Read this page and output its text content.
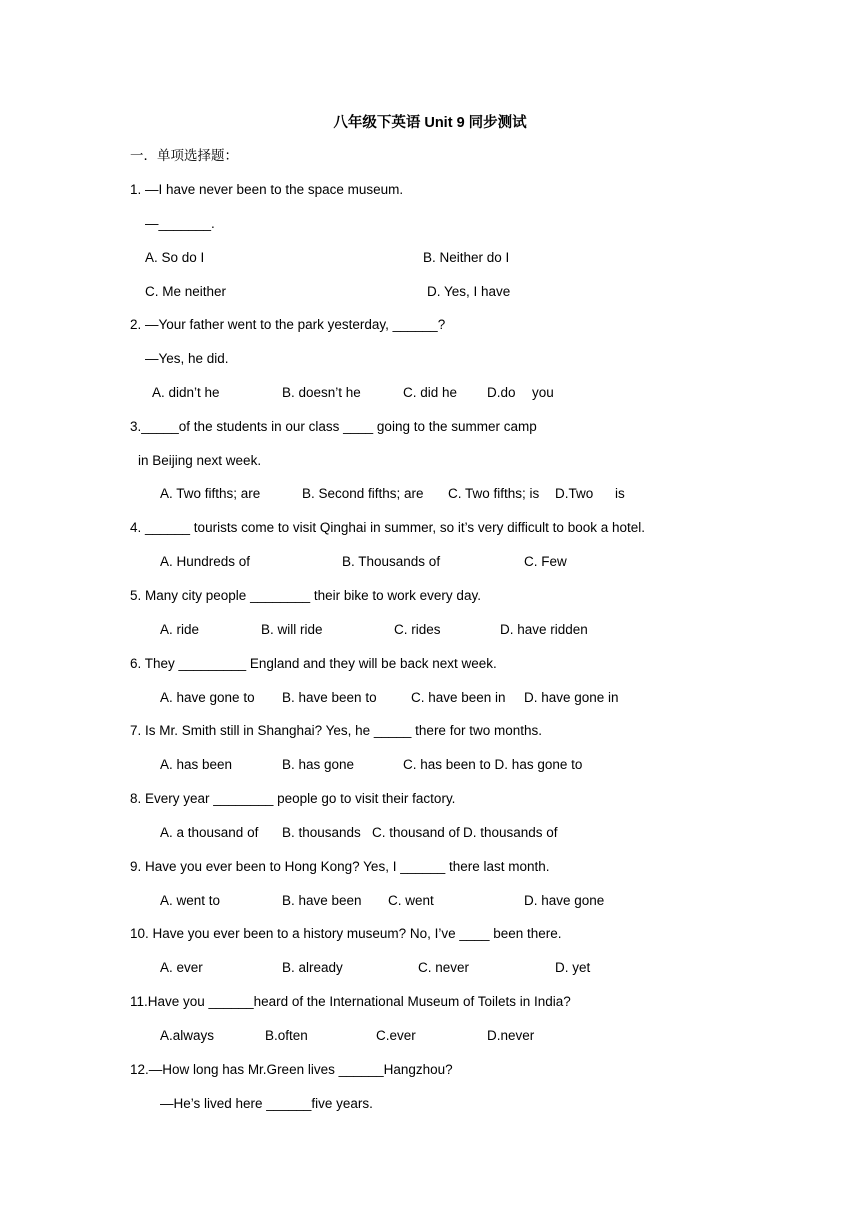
八年级下英语 Unit 9 同步测试
一．单项选择题：
1. —I have never been to the space museum.
—_______.
A. So do I	B. Neither do I
C. Me neither	D. Yes, I have
2. —Your father went to the park yesterday, ______?
—Yes, he did.
A. didn’t he	B. doesn’t he	C. did he D.do you
3._____of the students in our class ____ going to the summer camp
in Beijing next week.
A. Two fifths; are	B. Second fifths; are C. Two fifths; is D.Two is
4. ______ tourists come to visit Qinghai in summer, so it’s very difficult to book a hotel.
A. Hundreds of	B. Thousands of	C. Few
5. Many city people ________ their bike to work every day.
A. ride	B. will ride	C. rides	D. have ridden
6. They _________ England and they will be back next week.
A. have gone to B. have been to	C. have been in D. have gone in
7. Is Mr. Smith still in Shanghai? Yes, he _____ there for two months.
A. has been	B. has gone	C. has been to D. has gone to
8. Every year ________ people go to visit their factory.
A. a thousand of B. thousands C. thousand of D. thousands of
9. Have you ever been to Hong Kong? Yes, I ______ there last month.
A. went to	B. have been C. went	D. have gone
10. Have you ever been to a history museum? No, I’ve ____ been there.
A. ever	B. already	C. never	D. yet
11.Have you ______heard of the International Museum of Toilets in India?
A.always	B.often	C.ever	D.never
12.—How long has Mr.Green lives ______Hangzhou?
—He’s lived here ______five years.
